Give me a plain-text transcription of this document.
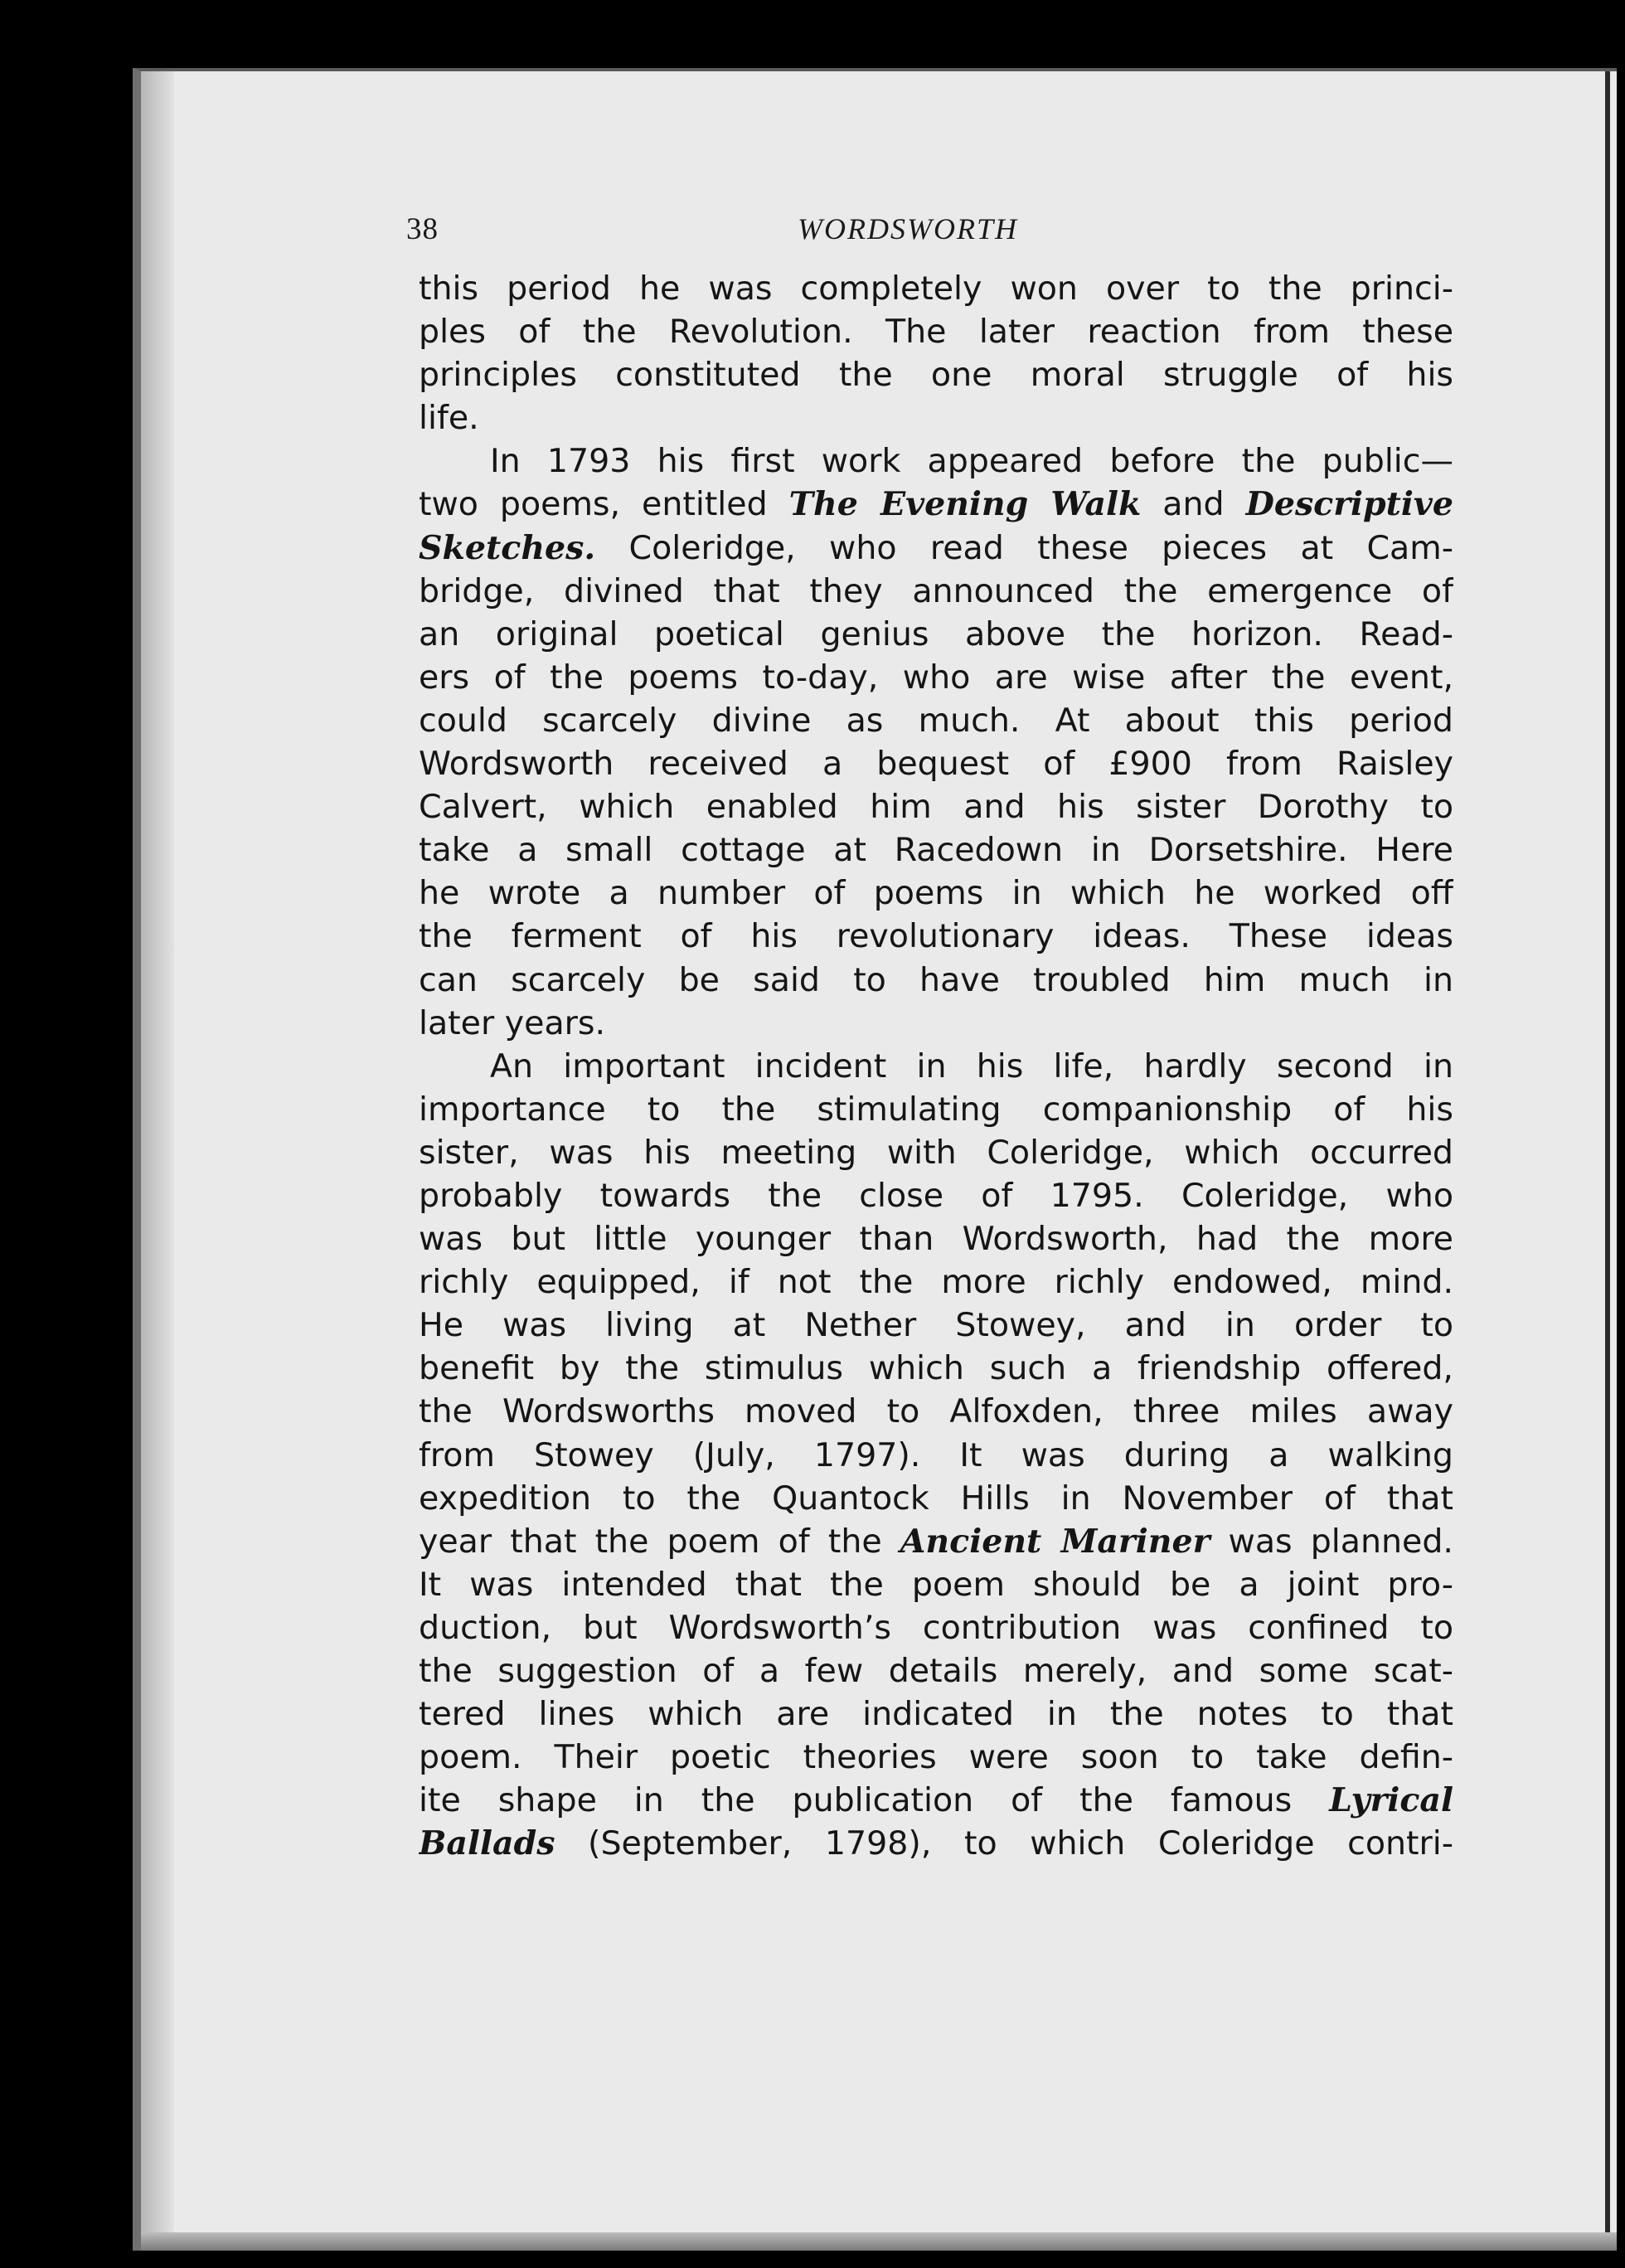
38	WORDSWORTH
this period he was completely won over to the princi-
ples of the Revolution. The later reaction from these
principles constituted the one moral struggle of his
life.
In 1793 his first work appeared before the public—
two poems, entitled The Evening Walk and Descriptive
Sketches. Coleridge, who read these pieces at Cam-
bridge, divined that they announced the emergence of
an original poetical genius above the horizon. Read-
ers of the poems to-day, who are wise after the event,
could scarcely divine as much. At about this period
Wordsworth received a bequest of £900 from Raisley
Calvert, which enabled him and his sister Dorothy to
take a small cottage at Racedown in Dorsetshire. Here
he wrote a number of poems in which he worked off
the ferment of his revolutionary ideas. These ideas
can scarcely be said to have troubled him much in
later years.
An important incident in his life, hardly second in
importance to the stimulating companionship of his
sister, was his meeting with Coleridge, which occurred
probably towards the close of 1795. Coleridge, who
was but little younger than Wordsworth, had the more
richly equipped, if not the more richly endowed, mind.
He was living at Nether Stowey, and in order to
benefit by the stimulus which such a friendship offered,
the Wordsworths moved to Alfoxden, three miles away
from Stowey (July, 1797). It was during a walking
expedition to the Quantock Hills in November of that
year that the poem of the Ancient Mariner was planned.
It was intended that the poem should be a joint pro-
duction, but Wordsworth’s contribution was confined to
the suggestion of a few details merely, and some scat-
tered lines which are indicated in the notes to that
poem. Their poetic theories were soon to take defin-
ite shape in the publication of the famous Lyrical
Ballads (September, 1798), to which Coleridge contri-
